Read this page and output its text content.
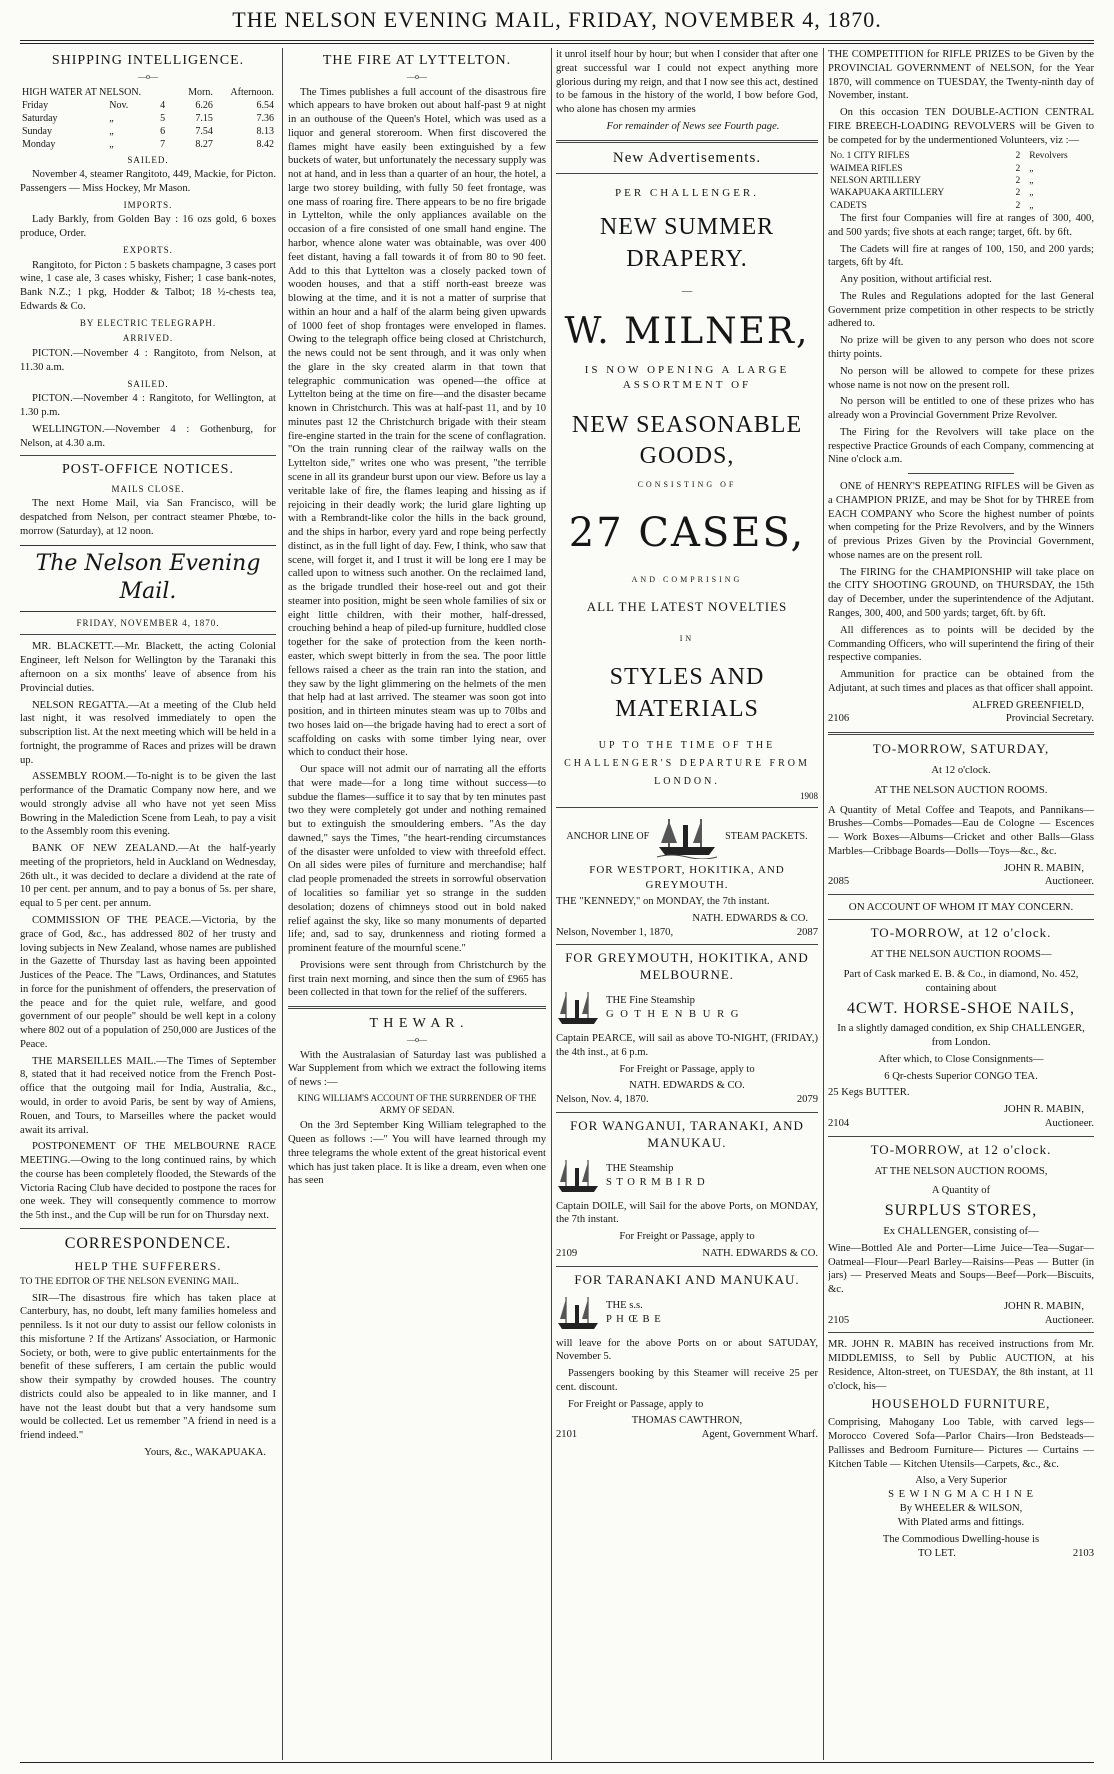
THE NELSON EVENING MAIL, FRIDAY, NOVEMBER 4, 1870.
SHIPPING INTELLIGENCE.
—o—
HIGH WATER AT NELSON.			Morn.	Afternoon.
Friday	Nov.	4	6.26	6.54
Saturday	„	5	7.15	7.36
Sunday	„	6	7.54	8.13
Monday	„	7	8.27	8.42
SAILED.

November 4, steamer Rangitoto, 449, Mackie, for Picton. Passengers — Miss Hockey, Mr Mason.

IMPORTS.

Lady Barkly, from Golden Bay : 16 ozs gold, 6 boxes produce, Order.

EXPORTS.

Rangitoto, for Picton : 5 baskets champagne, 3 cases port wine, 1 case ale, 3 cases whisky, Fisher; 1 case bank-notes, Bank N.Z.; 1 pkg, Hodder & Talbot; 18 ½-chests tea, Edwards & Co.

BY ELECTRIC TELEGRAPH.
ARRIVED.

PICTON.—November 4 : Rangitoto, from Nelson, at 11.30 a.m.

SAILED.

PICTON.—November 4 : Rangitoto, for Wellington, at 1.30 p.m.

WELLINGTON.—November 4 : Gothenburg, for Nelson, at 4.30 a.m.

POST-OFFICE NOTICES.
MAILS CLOSE.

The next Home Mail, via San Francisco, will be despatched from Nelson, per contract steamer Phœbe, to-morrow (Saturday), at 12 noon.

The Nelson Evening Mail.
FRIDAY, NOVEMBER 4, 1870.

MR. BLACKETT.—Mr. Blackett, the acting Colonial Engineer, left Nelson for Wellington by the Taranaki this afternoon on a six months' leave of absence from his Provincial duties.

NELSON REGATTA.—At a meeting of the Club held last night, it was resolved immediately to open the subscription list. At the next meeting which will be held in a fortnight, the programme of Races and prizes will be drawn up.

ASSEMBLY ROOM.—To-night is to be given the last performance of the Dramatic Company now here, and we would strongly advise all who have not yet seen Miss Bowring in the Malediction Scene from Leah, to pay a visit to the Assembly room this evening.

BANK OF NEW ZEALAND.—At the half-yearly meeting of the proprietors, held in Auckland on Wednesday, 26th ult., it was decided to declare a dividend at the rate of 10 per cent. per annum, and to pay a bonus of 5s. per share, equal to 5 per cent. per annum.

COMMISSION OF THE PEACE.—Victoria, by the grace of God, &c., has addressed 802 of her trusty and loving subjects in New Zealand, whose names are published in the Gazette of Thursday last as having been appointed Justices of the Peace. The "Laws, Ordinances, and Statutes in force for the punishment of offenders, the preservation of the peace and for the quiet rule, welfare, and good government of our people" should be well kept in a colony where 802 out of a population of 250,000 are Justices of the Peace.

THE MARSEILLES MAIL.—The Times of September 8, stated that it had received notice from the French Post-office that the outgoing mail for India, Australia, &c., would, in order to avoid Paris, be sent by way of Amiens, Rouen, and Tours, to Marseilles where the packet would await its arrival.

POSTPONEMENT OF THE MELBOURNE RACE MEETING.—Owing to the long continued rains, by which the course has been completely flooded, the Stewards of the Victoria Racing Club have decided to postpone the races for one week. They will consequently commence to morrow the 5th inst., and the Cup will be run for on Thursday next.

CORRESPONDENCE.
HELP THE SUFFERERS.

TO THE EDITOR OF THE NELSON EVENING MAIL.

SIR—The disastrous fire which has taken place at Canterbury, has, no doubt, left many families homeless and penniless. Is it not our duty to assist our fellow colonists in this misfortune ? If the Artizans' Association, or Harmonic Society, or both, were to give public entertainments for the benefit of these sufferers, I am certain the public would show their sympathy by crowded houses. The country districts could also be appealed to in like manner, and I have not the least doubt but that a very handsome sum would be collected. Let us remember "A friend in need is a friend indeed."

Yours, &c., WAKAPUAKA.
THE FIRE AT LYTTELTON.
—o—

The Times publishes a full account of the disastrous fire which appears to have broken out about half-past 9 at night in an outhouse of the Queen's Hotel, which was used as a liquor and general storeroom. When first discovered the flames might have easily been extinguished by a few buckets of water, but unfortunately the necessary supply was not at hand, and in less than a quarter of an hour, the hotel, a large two storey building, with fully 50 feet frontage, was one mass of roaring fire. There appears to be no fire brigade in Lyttelton, while the only appliances available on the occasion of a fire consisted of one small hand engine. The harbor, whence alone water was obtainable, was over 400 feet distant, having a fall towards it of from 80 to 90 feet. Add to this that Lyttelton was a closely packed town of wooden houses, and that a stiff north-east breeze was blowing at the time, and it is not a matter of surprise that within an hour and a half of the alarm being given upwards of 1000 feet of shop frontages were enveloped in flames. Owing to the telegraph office being closed at Christchurch, the news could not be sent through, and it was only when the glare in the sky created alarm in that town that telegraphic communication was opened—the office at Lyttelton being at the time on fire—and the disaster became known in Christchurch. This was at half-past 11, and by 10 minutes past 12 the Christchurch brigade with their steam fire-engine started in the train for the scene of conflagration. "On the train running clear of the railway walls on the Lyttelton side," writes one who was present, "the terrible scene in all its grandeur burst upon our view. Before us lay a veritable lake of fire, the flames leaping and hissing as if rejoicing in their deadly work; the lurid glare lighting up with a Rembrandt-like color the hills in the back ground, and the ships in harbor, every yard and rope being perfectly distinct, as in the full light of day. Few, I think, who saw that scene, will forget it, and I trust it will be long ere I may be called upon to witness such another. On the reclaimed land, as the brigade trundled their hose-reel out and got their steamer into position, might be seen whole families of six or eight little children, with their mother, half-dressed, crouching behind a heap of piled-up furniture, huddled close together for the sake of protection from the keen north-easter, which swept bitterly in from the sea. The poor little fellows raised a cheer as the train ran into the station, and they saw by the light glimmering on the helmets of the men that help had at last arrived. The steamer was soon got into position, and in thirteen minutes steam was up to 70lbs and two hoses laid on—the brigade having had to erect a sort of scaffolding on casks with some timber lying near, over which to conduct their hose.

Our space will not admit our of narrating all the efforts that were made—for a long time without success—to subdue the flames—suffice it to say that by ten minutes past two they were completely got under and nothing remained but to extinguish the smouldering embers. "As the day dawned," says the Times, "the heart-rending circumstances of the disaster were unfolded to view with threefold effect. On all sides were piles of furniture and merchandise; half clad people promenaded the streets in sorrowful observation of localities so familiar yet so strange in the sudden desolation; dozens of chimneys stood out in bold naked relief against the sky, like so many monuments of departed life; and, sad to say, drunkenness and rioting formed a prominent feature of the mournful scene."

Provisions were sent through from Christchurch by the first train next morning, and since then the sum of £965 has been collected in that town for the relief of the sufferers.

T H E W A R .
—o—

With the Australasian of Saturday last was published a War Supplement from which we extract the following items of news :—

KING WILLIAM'S ACCOUNT OF THE SURRENDER OF THE ARMY OF SEDAN.

On the 3rd September King William telegraphed to the Queen as follows :—" You will have learned through my three telegrams the whole extent of the great historical event which has just taken place. It is like a dream, even when one has seen

it unrol itself hour by hour; but when I consider that after one great successful war I could not expect anything more glorious during my reign, and that I now see this act, destined to be famous in the history of the world, I bow before God, who alone has chosen my armies

For remainder of News see Fourth page.

New Advertisements.
PER CHALLENGER.
NEW SUMMER DRAPERY.
—
W. MILNER,
IS NOW OPENING A LARGE ASSORTMENT OF
NEW SEASONABLE GOODS,
CONSISTING OF
27 CASES,
AND COMPRISING
ALL THE LATEST NOVELTIES
IN
STYLES AND MATERIALS
UP TO THE TIME OF THE CHALLENGER'S DEPARTURE FROM LONDON.
1908
ANCHOR LINE OF	STEAM PACKETS.
FOR WESTPORT, HOKITIKA, AND GREYMOUTH.

THE "KENNEDY," on MONDAY, the 7th instant.

NATH. EDWARDS & CO.
Nelson, November 1, 1870,	2087
FOR GREYMOUTH, HOKITIKA, AND MELBOURNE.
THE Fine Steamship
G O T H E N B U R G

Captain PEARCE, will sail as above TO-NIGHT, (FRIDAY,) the 4th inst., at 6 p.m.

For Freight or Passage, apply to

NATH. EDWARDS & CO.
Nelson, Nov. 4, 1870.	2079
FOR WANGANUI, TARANAKI, AND MANUKAU.
THE Steamship
S T O R M B I R D

Captain DOILE, will Sail for the above Ports, on MONDAY, the 7th instant.

For Freight or Passage, apply to

2109	NATH. EDWARDS & CO.
FOR TARANAKI AND MANUKAU.
THE s.s.
P H Œ B E

will leave for the above Ports on or about SATUDAY, November 5.

Passengers booking by this Steamer will receive 25 per cent. discount.

For Freight or Passage, apply to

THOMAS CAWTHRON,
2101	Agent, Government Wharf.

THE COMPETITION for RIFLE PRIZES to be Given by the PROVINCIAL GOVERNMENT of NELSON, for the Year 1870, will commence on TUESDAY, the Twenty-ninth day of November, instant.

On this occasion TEN DOUBLE-ACTION CENTRAL FIRE BREECH-LOADING REVOLVERS will be Given to be competed for by the undermentioned Volunteers, viz :—

No. 1 CITY RIFLES	2	Revolvers
WAIMEA RIFLES	2	„
NELSON ARTILLERY	2	„
WAKAPUAKA ARTILLERY	2	„
CADETS	2	„

The first four Companies will fire at ranges of 300, 400, and 500 yards; five shots at each range; target, 6ft. by 6ft.

The Cadets will fire at ranges of 100, 150, and 200 yards; targets, 6ft by 4ft.

Any position, without artificial rest.

The Rules and Regulations adopted for the last General Government prize competition in other respects to be strictly adhered to.

No prize will be given to any person who does not score thirty points.

No person will be allowed to compete for these prizes whose name is not now on the present roll.

No person will be entitled to one of these prizes who has already won a Provincial Government Prize Revolver.

The Firing for the Revolvers will take place on the respective Practice Grounds of each Company, commencing at Nine o'clock a.m.

ONE of HENRY'S REPEATING RIFLES will be Given as a CHAMPION PRIZE, and may be Shot for by THREE from EACH COMPANY who Score the highest number of points when competing for the Prize Revolvers, and by the Winners of previous Prizes Given by the Provincial Government, whose names are on the present roll.

The FIRING for the CHAMPIONSHIP will take place on the CITY SHOOTING GROUND, on THURSDAY, the 15th day of December, under the superintendence of the Adjutant. Ranges, 300, 400, and 500 yards; target, 6ft. by 6ft.

All differences as to points will be decided by the Commanding Officers, who will superintend the firing of their respective companies.

Ammunition for practice can be obtained from the Adjutant, at such times and places as that officer shall appoint.

ALFRED GREENFIELD,
2106	Provincial Secretary.
TO-MORROW, SATURDAY,
At 12 o'clock.
AT THE NELSON AUCTION ROOMS.

A Quantity of Metal Coffee and Teapots, and Pannikans—Brushes—Combs—Pomades—Eau de Cologne — Escences— Work Boxes—Albums—Cricket and other Balls—Glass Marbles—Cribbage Boards—Dolls—Toys—&c., &c.

JOHN R. MABIN,
2085	Auctioneer.
ON ACCOUNT OF WHOM IT MAY CONCERN.
TO-MORROW, at 12 o'clock.
AT THE NELSON AUCTION ROOMS—

Part of Cask marked E. B. & Co., in diamond, No. 452, containing about

4CWT. HORSE-SHOE NAILS,

In a slightly damaged condition, ex Ship CHALLENGER, from London.

After which, to Close Consignments—

6 Qr-chests Superior CONGO TEA.

25 Kegs BUTTER.

JOHN R. MABIN,
2104	Auctioneer.
TO-MORROW, at 12 o'clock.
AT THE NELSON AUCTION ROOMS,
A Quantity of
SURPLUS STORES,

Ex CHALLENGER, consisting of—

Wine—Bottled Ale and Porter—Lime Juice—Tea—Sugar—Oatmeal—Flour—Pearl Barley—Raisins—Peas — Butter (in jars) — Preserved Meats and Soups—Beef—Pork—Biscuits, &c.

JOHN R. MABIN,
2105	Auctioneer.

MR. JOHN R. MABIN has received instructions from Mr. MIDDLEMISS, to Sell by Public AUCTION, at his Residence, Alton-street, on TUESDAY, the 8th instant, at 11 o'clock, his—

HOUSEHOLD FURNITURE,

Comprising, Mahogany Loo Table, with carved legs—Morocco Covered Sofa—Parlor Chairs—Iron Bedsteads—Pallisses and Bedroom Furniture— Pictures — Curtains — Kitchen Table — Kitchen Utensils—Carpets, &c., &c.

Also, a Very Superior
S E W I N G M A C H I N E
By WHEELER & WILSON,
With Plated arms and fittings.
The Commodious Dwelling-house is
TO LET.	2103
